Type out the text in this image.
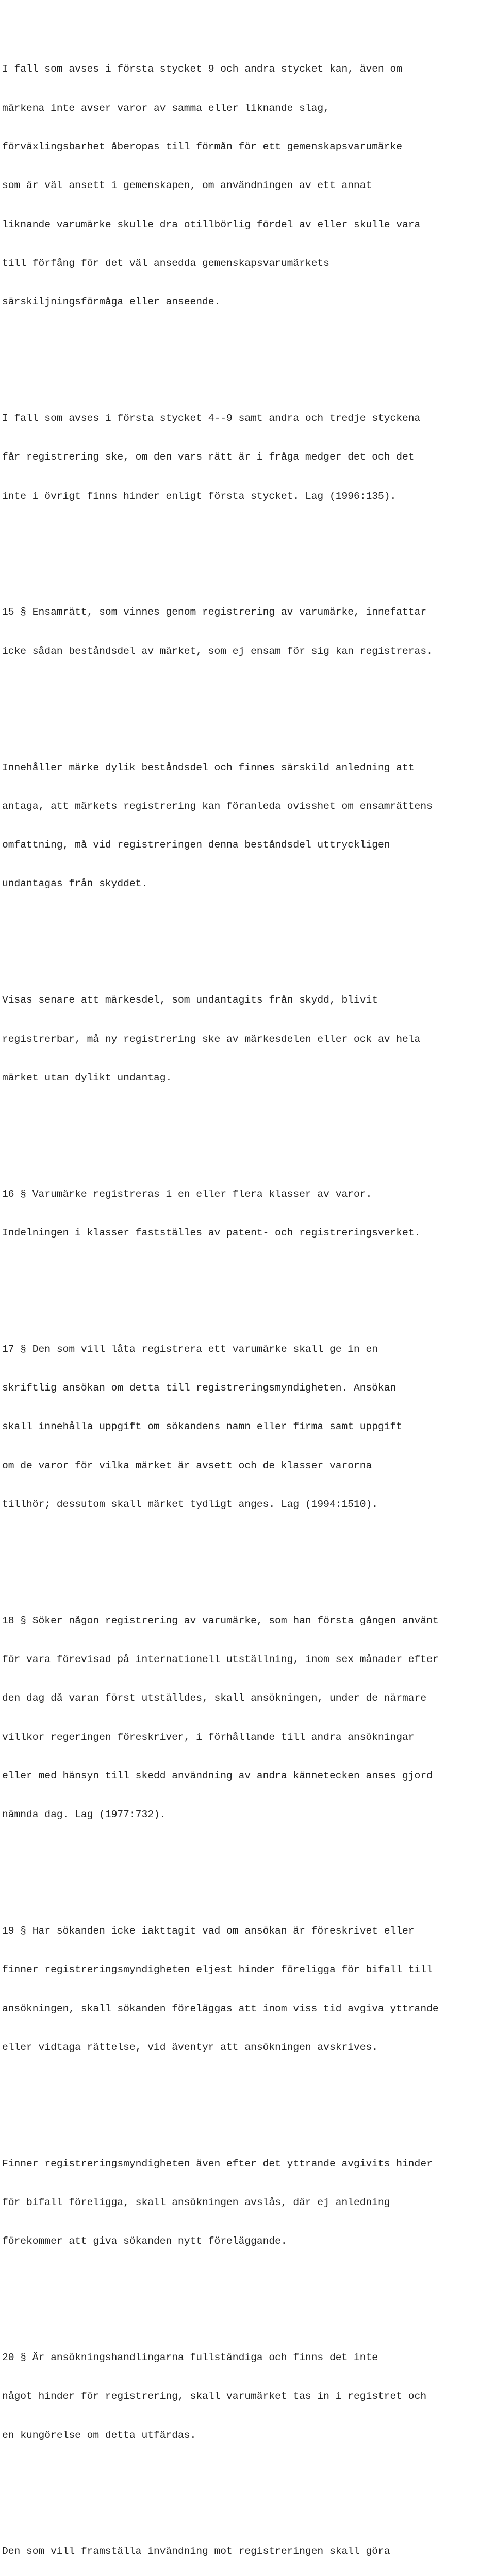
I fall som avses i första stycket 9 och andra stycket kan, även om

märkena inte avser varor av samma eller liknande slag,

förväxlingsbarhet åberopas till förmån för ett gemenskapsvarumärke

som är väl ansett i gemenskapen, om användningen av ett annat

liknande varumärke skulle dra otillbörlig fördel av eller skulle vara

till förfång för det väl ansedda gemenskapsvarumärkets

särskiljningsförmåga eller anseende.

I fall som avses i första stycket 4--9 samt andra och tredje styckena

får registrering ske, om den vars rätt är i fråga medger det och det

inte i övrigt finns hinder enligt första stycket. Lag (1996:135).

15 § Ensamrätt, som vinnes genom registrering av varumärke, innefattar

icke sådan beståndsdel av märket, som ej ensam för sig kan registreras.

Innehåller märke dylik beståndsdel och finnes särskild anledning att

antaga, att märkets registrering kan föranleda ovisshet om ensamrättens

omfattning, må vid registreringen denna beståndsdel uttryckligen

undantagas från skyddet.

Visas senare att märkesdel, som undantagits från skydd, blivit

registrerbar, må ny registrering ske av märkesdelen eller ock av hela

märket utan dylikt undantag.

16 § Varumärke registreras i en eller flera klasser av varor.

Indelningen i klasser fastställes av patent- och registreringsverket.

17 § Den som vill låta registrera ett varumärke skall ge in en

skriftlig ansökan om detta till registreringsmyndigheten. Ansökan

skall innehålla uppgift om sökandens namn eller firma samt uppgift

om de varor för vilka märket är avsett och de klasser varorna

tillhör; dessutom skall märket tydligt anges. Lag (1994:1510).

18 § Söker någon registrering av varumärke, som han första gången använt

för vara förevisad på internationell utställning, inom sex månader efter

den dag då varan först utställdes, skall ansökningen, under de närmare

villkor regeringen föreskriver, i förhållande till andra ansökningar

eller med hänsyn till skedd användning av andra kännetecken anses gjord

nämnda dag. Lag (1977:732).

19 § Har sökanden icke iakttagit vad om ansökan är föreskrivet eller

finner registreringsmyndigheten eljest hinder föreligga för bifall till

ansökningen, skall sökanden föreläggas att inom viss tid avgiva yttrande

eller vidtaga rättelse, vid äventyr att ansökningen avskrives.

Finner registreringsmyndigheten även efter det yttrande avgivits hinder

för bifall föreligga, skall ansökningen avslås, där ej anledning

förekommer att giva sökanden nytt föreläggande.

20 § Är ansökningshandlingarna fullständiga och finns det inte

något hinder för registrering, skall varumärket tas in i registret och

en kungörelse om detta utfärdas.

Den som vill framställa invändning mot registreringen skall göra
